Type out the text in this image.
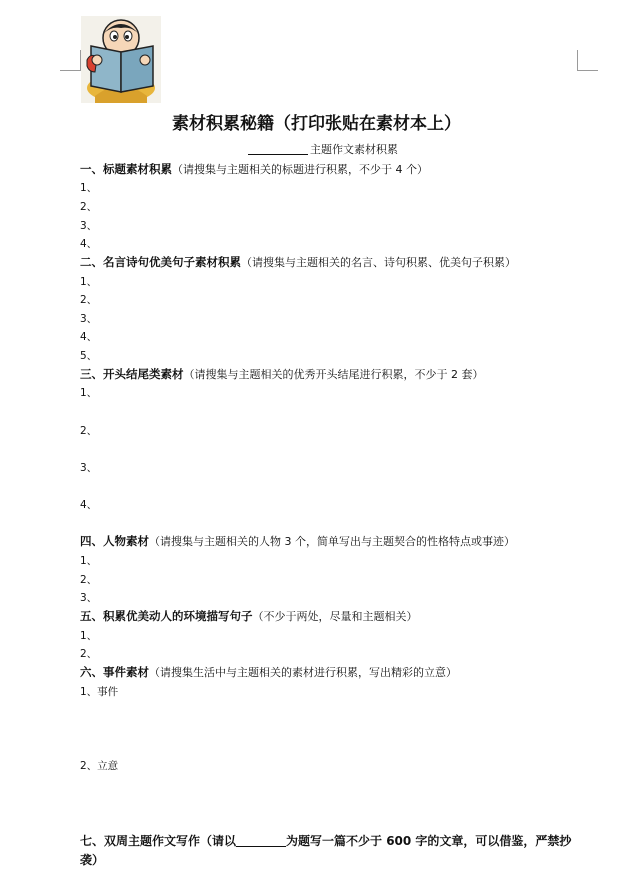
素材积累秘籍（打印张贴在素材本上）
主题作文素材积累
一、标题素材积累（请搜集与主题相关的标题进行积累，不少于 4 个）
1、
2、
3、
4、
二、名言诗句优美句子素材积累（请搜集与主题相关的名言、诗句积累、优美句子积累）
1、
2、
3、
4、
5、
三、开头结尾类素材（请搜集与主题相关的优秀开头结尾进行积累，不少于 2 套）
1、
2、
3、
4、
四、人物素材（请搜集与主题相关的人物 3 个，简单写出与主题契合的性格特点或事迹）
1、
2、
3、
五、积累优美动人的环境描写句子（不少于两处，尽量和主题相关）
1、
2、
六、事件素材（请搜集生活中与主题相关的素材进行积累，写出精彩的立意）
1、事件
2、立意
七、双周主题作文写作（请以	为题写一篇不少于 600 字的文章，可以借鉴，严禁抄袭）
